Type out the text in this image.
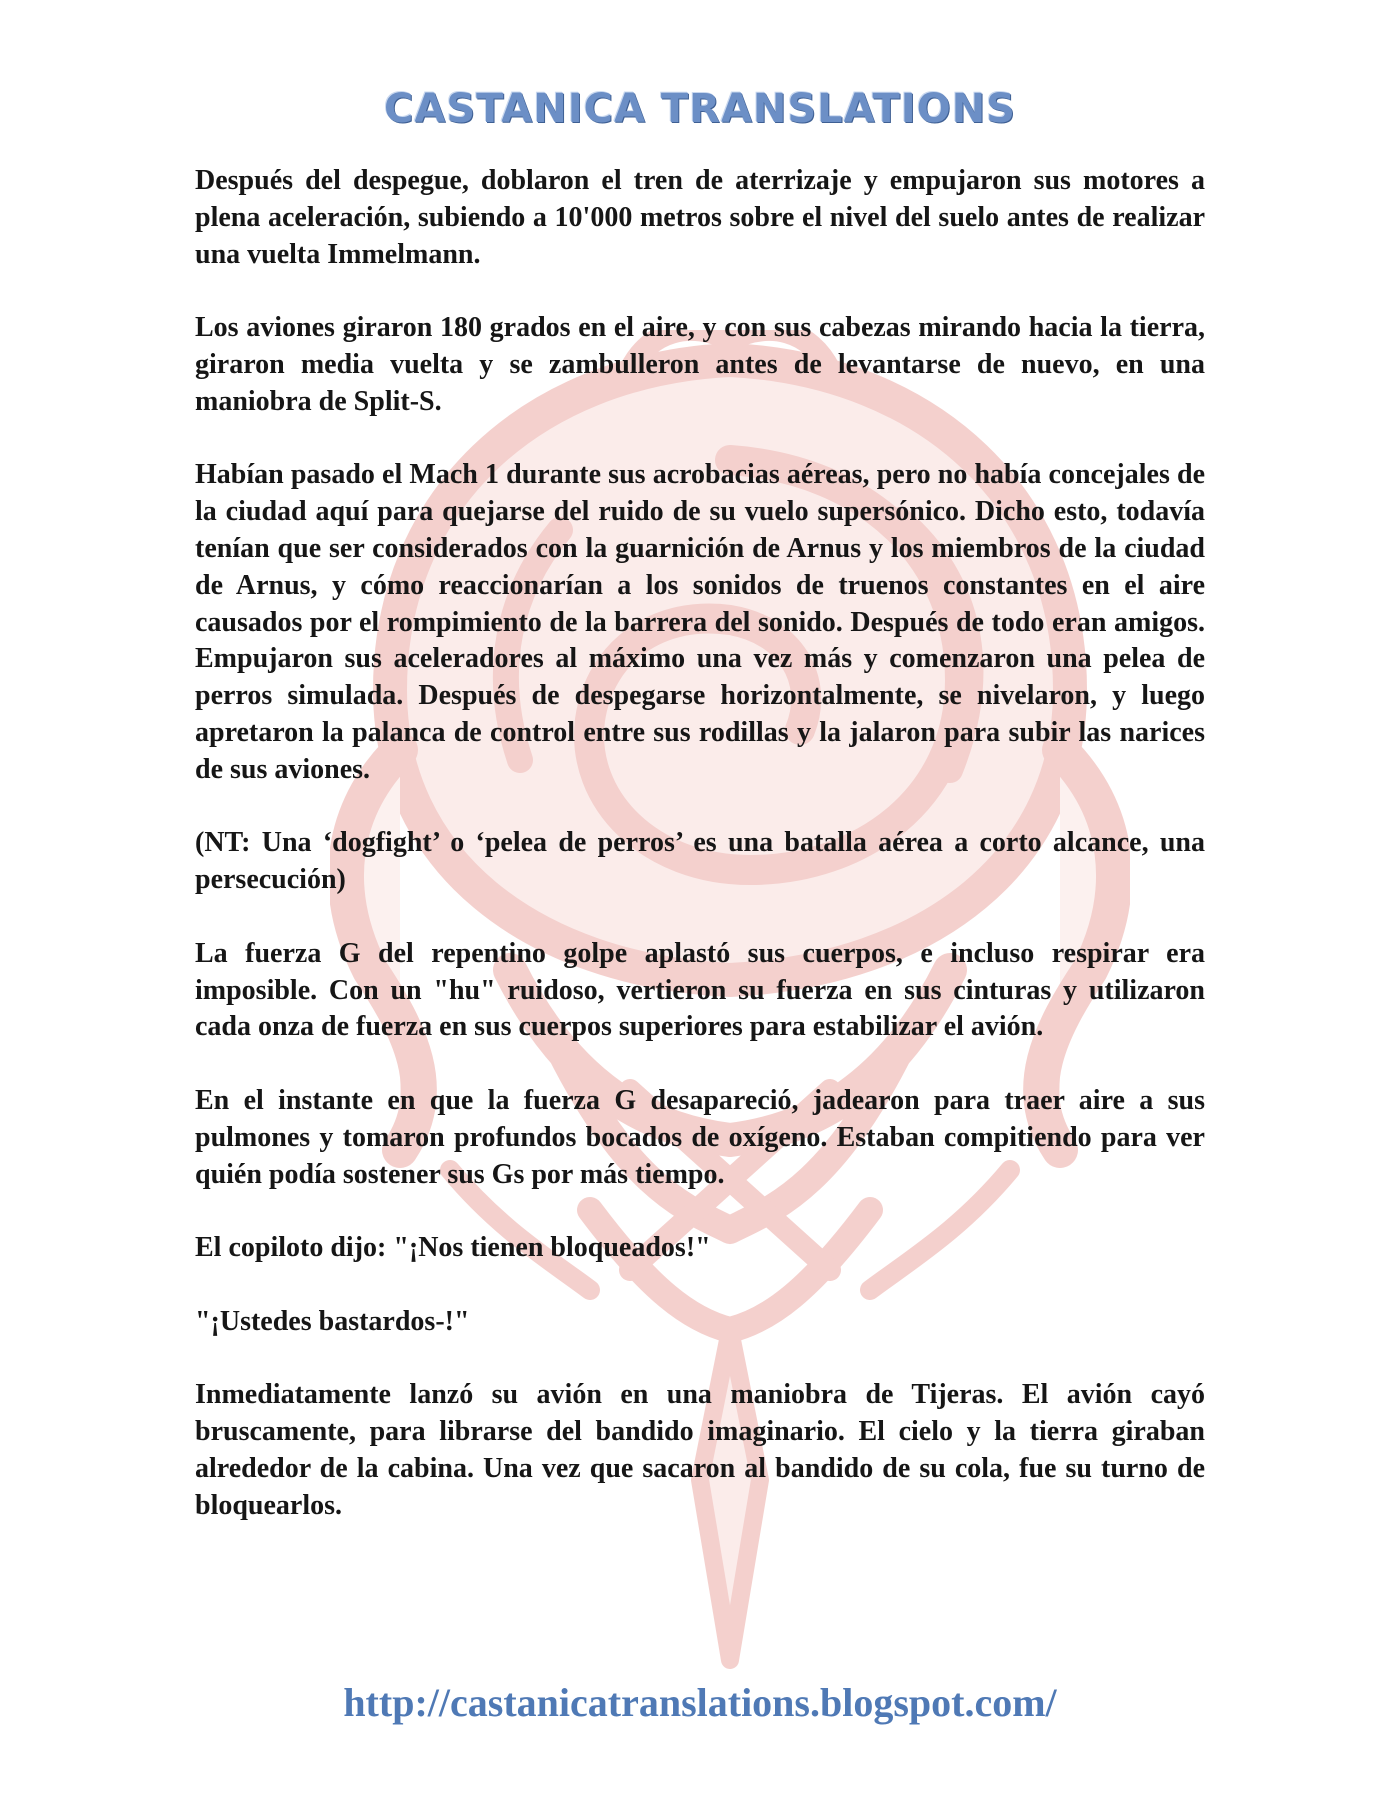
CASTANICA TRANSLATIONS

Después del despegue, doblaron el tren de aterrizaje y empujaron sus motores a plena aceleración, subiendo a 10'000 metros sobre el nivel del suelo antes de realizar una vuelta Immelmann.

Los aviones giraron 180 grados en el aire, y con sus cabezas mirando hacia la tierra, giraron media vuelta y se zambulleron antes de levantarse de nuevo, en una maniobra de Split-S.

Habían pasado el Mach 1 durante sus acrobacias aéreas, pero no había concejales de la ciudad aquí para quejarse del ruido de su vuelo supersónico. Dicho esto, todavía tenían que ser considerados con la guarnición de Arnus y los miembros de la ciudad de Arnus, y cómo reaccionarían a los sonidos de truenos constantes en el aire causados por el rompimiento de la barrera del sonido. Después de todo eran amigos. Empujaron sus aceleradores al máximo una vez más y comenzaron una pelea de perros simulada. Después de despegarse horizontalmente, se nivelaron, y luego apretaron la palanca de control entre sus rodillas y la jalaron para subir las narices de sus aviones.

(NT: Una ‘dogfight’ o ‘pelea de perros’ es una batalla aérea a corto alcance, una persecución)

La fuerza G del repentino golpe aplastó sus cuerpos, e incluso respirar era imposible. Con un "hu" ruidoso, vertieron su fuerza en sus cinturas y utilizaron cada onza de fuerza en sus cuerpos superiores para estabilizar el avión.

En el instante en que la fuerza G desapareció, jadearon para traer aire a sus pulmones y tomaron profundos bocados de oxígeno. Estaban compitiendo para ver quién podía sostener sus Gs por más tiempo.

El copiloto dijo: "¡Nos tienen bloqueados!"

"¡Ustedes bastardos-!"

Inmediatamente lanzó su avión en una maniobra de Tijeras. El avión cayó bruscamente, para librarse del bandido imaginario. El cielo y la tierra giraban alrededor de la cabina. Una vez que sacaron al bandido de su cola, fue su turno de bloquearlos.

http://castanicatranslations.blogspot.com/
